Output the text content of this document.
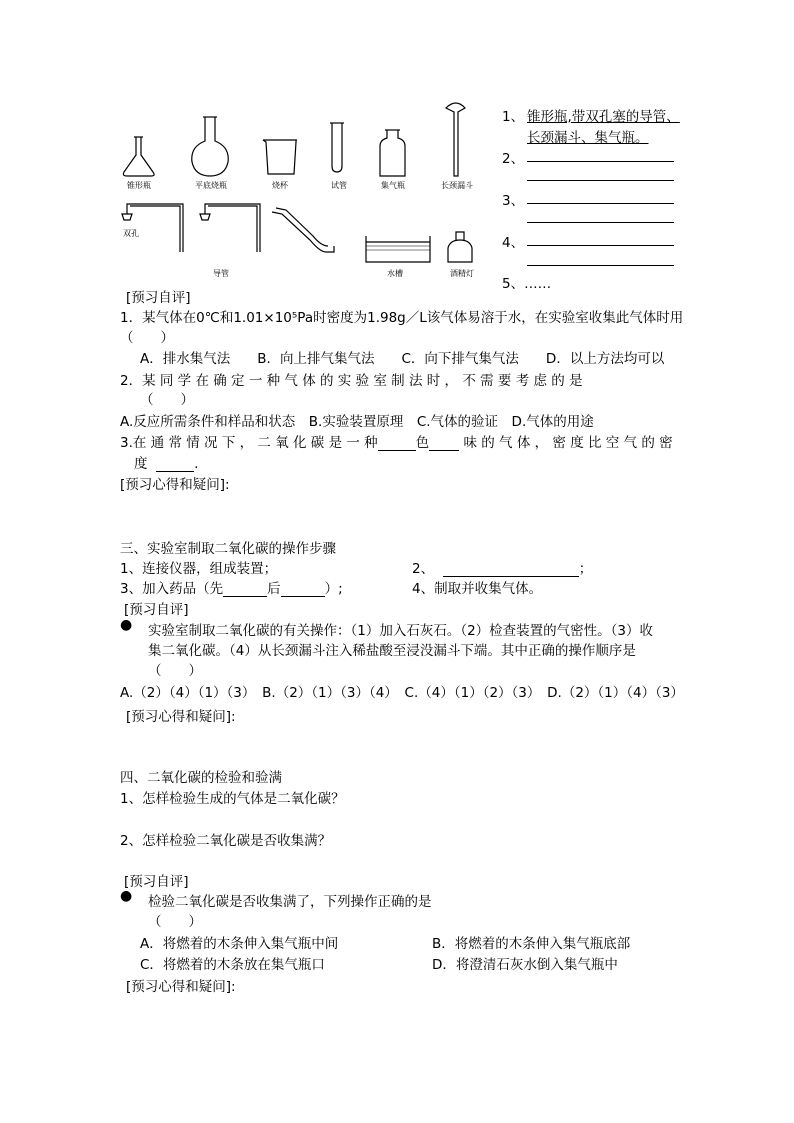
锥形瓶	平底烧瓶	烧杯	试管	集气瓶	长颈漏斗
双孔
导管	水槽	酒精灯
1、 锥形瓶,带双孔塞的导管、
长颈漏斗、集气瓶。
2、
3、
4、
5、……
[预习自评]
1．某气体在0℃和1.01×10⁵Pa时密度为1.98g／L该气体易溶于水，在实验室收集此气体时用
（　　）
A．排水集气法　　B．向上排气集气法　　C．向下排气集气法　　D．以上方法均可以
2．某 同 学 在 确 定 一 种 气 体 的 实 验 室 制 法 时 ， 不 需 要 考 虑 的 是
（　　）
A.反应所需条件和样品和状态　B.实验装置原理　C.气体的验证　D.气体的用途
3.在 通 常 情 况 下 ， 二 氧 化 碳 是 一 种	色	味 的 气 体 ， 密 度 比 空 气 的 密
度	.
[预习心得和疑问]:
三、实验室制取二氧化碳的操作步骤
1、连接仪器，组成装置；	2、	；
3、加入药品（先	后	）;	4、制取并收集气体。
[预习自评]
● 实验室制取二氧化碳的有关操作：（1）加入石灰石。（2）检查装置的气密性。（3）收
集二氧化碳。（4）从长颈漏斗注入稀盐酸至浸没漏斗下端。其中正确的操作顺序是
（　　）
A.（2）（4）（1）（3）　B.（2）（1）（3）（4）　C.（4）（1）（2）（3）　D.（2）（1）（4）（3）
[预习心得和疑问]:
四、二氧化碳的检验和验满
1、怎样检验生成的气体是二氧化碳？
2、怎样检验二氧化碳是否收集满？
[预习自评]
● 检验二氧化碳是否收集满了，下列操作正确的是
（　　）
A．将燃着的木条伸入集气瓶中间	B．将燃着的木条伸入集气瓶底部
C．将燃着的木条放在集气瓶口	D．将澄清石灰水倒入集气瓶中
[预习心得和疑问]:
